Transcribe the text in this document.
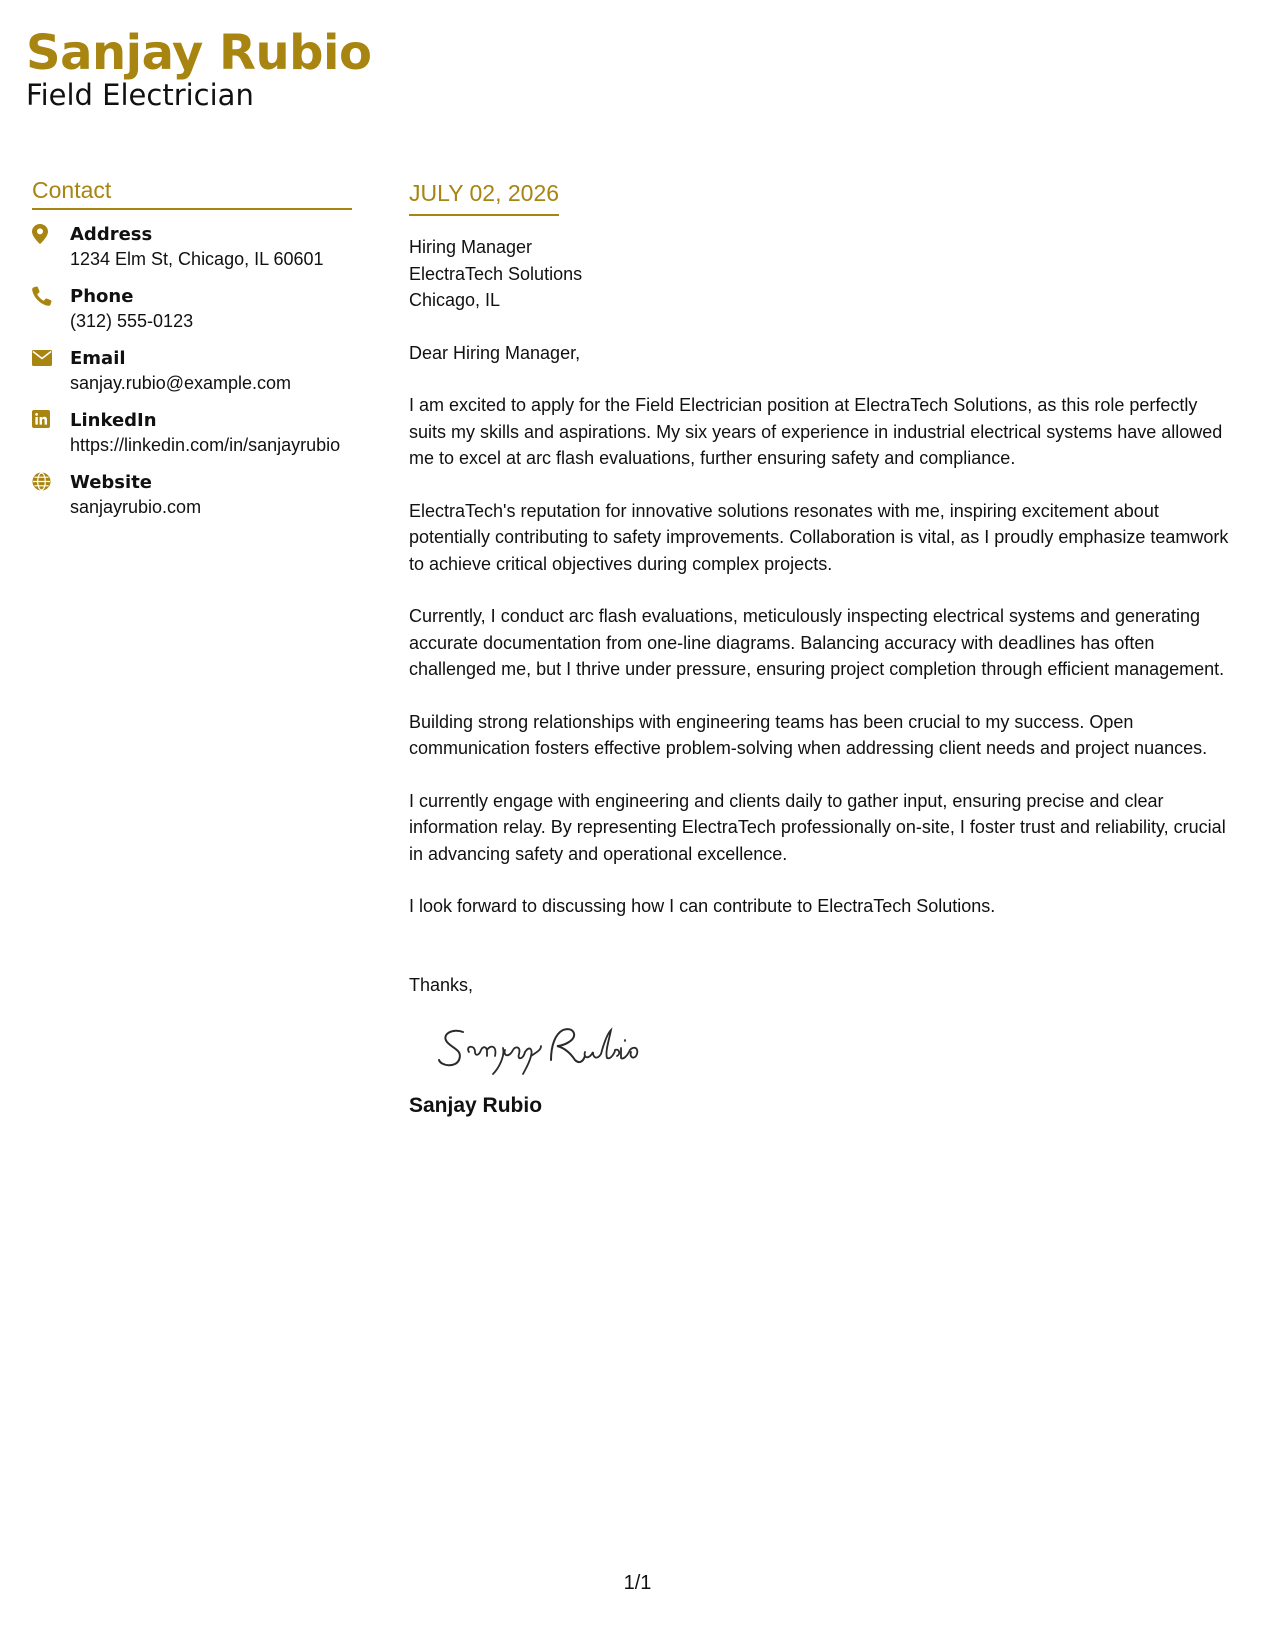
Sanjay Rubio
Field Electrician
Contact
Address
1234 Elm St, Chicago, IL 60601
Phone
(312) 555-0123
Email
sanjay.rubio@example.com
LinkedIn
https://linkedin.com/in/sanjayrubio
Website
sanjayrubio.com
JULY 02, 2026
Hiring Manager
ElectraTech Solutions
Chicago, IL
Dear Hiring Manager,
I am excited to apply for the Field Electrician position at ElectraTech Solutions, as this role perfectly suits my skills and aspirations. My six years of experience in industrial electrical systems have allowed me to excel at arc flash evaluations, further ensuring safety and compliance.
ElectraTech's reputation for innovative solutions resonates with me, inspiring excitement about potentially contributing to safety improvements. Collaboration is vital, as I proudly emphasize teamwork to achieve critical objectives during complex projects.
Currently, I conduct arc flash evaluations, meticulously inspecting electrical systems and generating accurate documentation from one-line diagrams. Balancing accuracy with deadlines has often challenged me, but I thrive under pressure, ensuring project completion through efficient management.
Building strong relationships with engineering teams has been crucial to my success. Open communication fosters effective problem-solving when addressing client needs and project nuances.
I currently engage with engineering and clients daily to gather input, ensuring precise and clear information relay. By representing ElectraTech professionally on-site, I foster trust and reliability, crucial in advancing safety and operational excellence.
I look forward to discussing how I can contribute to ElectraTech Solutions.
Thanks,
Sanjay Rubio
1/1
